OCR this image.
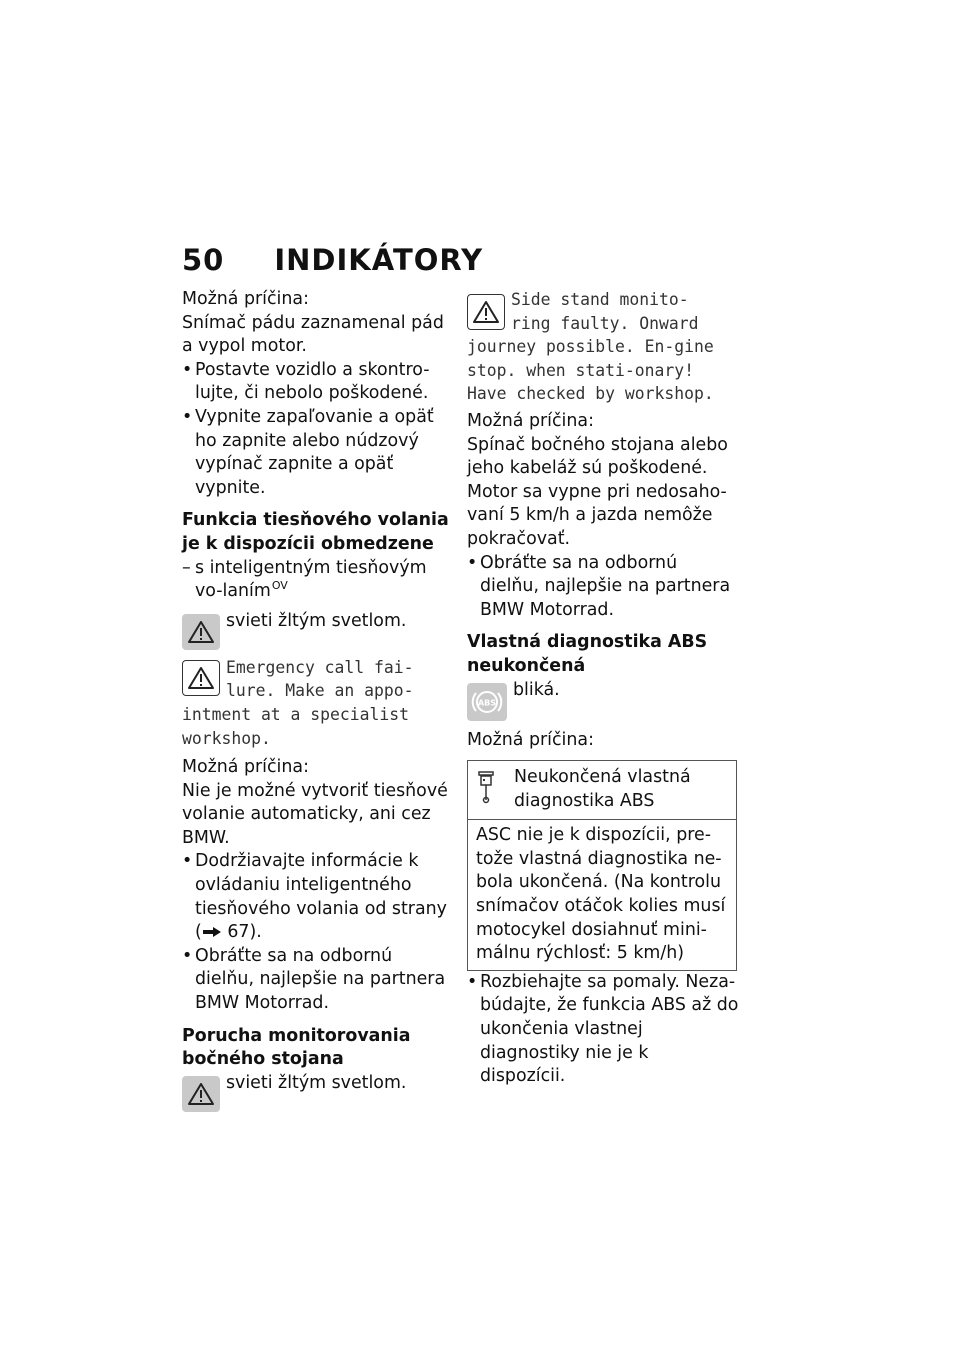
50 INDIKÁTORY

Možná príčina:

Snímač pádu zaznamenal pád a vypol motor.

• Postavte vozidlo a skontro-lujte, či nebolo poškodené.

• Vypnite zapaľovanie a opäť ho zapnite alebo núdzový vypínač zapnite a opäť vypnite.

Funkcia tiesňového volania je k dispozícii obmedzene

– s inteligentným tiesňovým vo-laním$^{OV}$

svieti žltým svetlom.

Emergency call fai-
lure. Make an appo-
intment at a specialist workshop.

Možná príčina:

Nie je možné vytvoriť tiesňové volanie automaticky, ani cez BMW.

• Dodržiavajte informácie k ovládaniu inteligentného tiesňového volania od strany ( 67).

• Obráťte sa na odbornú dielňu, najlepšie na partnera BMW Motorrad.

Porucha monitorovania bočného stojana

svieti žltým svetlom.

Side stand monito-
ring faulty. Onward
journey possible. En-gine stop. when stati-onary! Have checked by workshop.

Možná príčina:

Spínač bočného stojana alebo jeho kabeláž sú poškodené. Motor sa vypne pri nedosaho-vaní 5 km/h a jazda nemôže pokračovať.

• Obráťte sa na odbornú dielňu, najlepšie na partnera BMW Motorrad.

Vlastná diagnostika ABS neukončená

ABS

bliká.

Možná príčina:

Neukončená vlastná diagnostika ABS
ASC nie je k dispozícii, pre-tože vlastná diagnostika ne-bola ukončená. (Na kontrolu snímačov otáčok kolies musí motocykel dosiahnuť mini-málnu rýchlosť: 5 km/h)

• Rozbiehajte sa pomaly. Neza-búdajte, že funkcia ABS až do ukončenia vlastnej diagnostiky nie je k dispozícii.
